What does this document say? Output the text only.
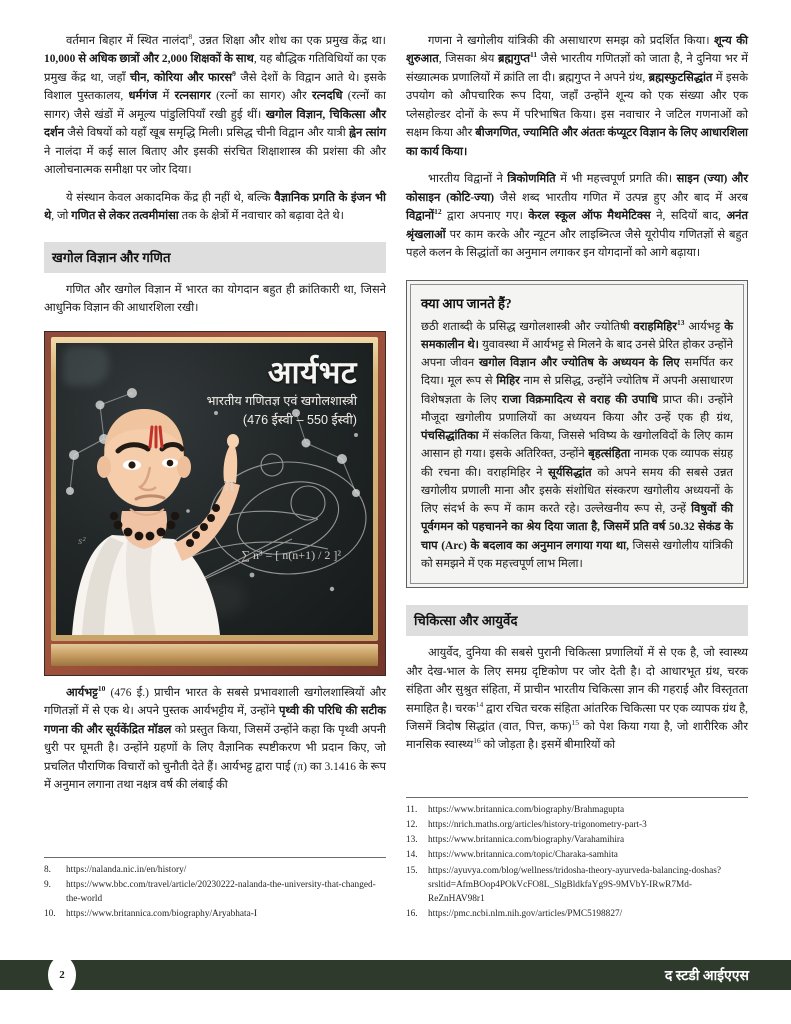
वर्तमान बिहार में स्थित नालंदा$^8$, उन्नत शिक्षा और शोध का एक प्रमुख केंद्र था। 10,000 से अधिक छात्रों और 2,000 शिक्षकों के साथ, यह बौद्धिक गतिविधियों का एक प्रमुख केंद्र था, जहाँ चीन, कोरिया और फारस$^9$ जैसे देशों के विद्वान आते थे। इसके विशाल पुस्तकालय, धर्मगंज में रत्नसागर (रत्नों का सागर) और रत्नदधि (रत्नों का सागर) जैसे खंडों में अमूल्य पांडुलिपियाँ रखी हुई थीं। खगोल विज्ञान, चिकित्सा और दर्शन जैसे विषयों को यहाँ खूब समृद्धि मिली। प्रसिद्ध चीनी विद्वान और यात्री ह्वेन त्सांग ने नालंदा में कई साल बिताए और इसकी संरचित शिक्षाशास्त्र की प्रशंसा की और आलोचनात्मक समीक्षा पर जोर दिया।

ये संस्थान केवल अकादमिक केंद्र ही नहीं थे, बल्कि वैज्ञानिक प्रगति के इंजन भी थे, जो गणित से लेकर तत्वमीमांसा तक के क्षेत्रों में नवाचार को बढ़ावा देते थे।

खगोल विज्ञान और गणित

गणित और खगोल विज्ञान में भारत का योगदान बहुत ही क्रांतिकारी था, जिसने आधुनिक विज्ञान की आधारशिला रखी।

π
s²
∑ n³ = [ n(n+1) / 2 ]²
आर्यभट
भारतीय गणितज्ञ एवं खगोलशास्त्री
(476 ईस्वी – 550 ईस्वी)

आर्यभट्ट$^{10}$ (476 ई.) प्राचीन भारत के सबसे प्रभावशाली खगोलशास्त्रियों और गणितज्ञों में से एक थे। अपने पुस्तक आर्यभट्टीय में, उन्होंने पृथ्वी की परिधि की सटीक गणना की और सूर्यकेंद्रित मॉडल को प्रस्तुत किया, जिसमें उन्होंने कहा कि पृथ्वी अपनी धुरी पर घूमती है। उन्होंने ग्रहणों के लिए वैज्ञानिक स्पष्टीकरण भी प्रदान किए, जो प्रचलित पौराणिक विचारों को चुनौती देते हैं। आर्यभट्ट द्वारा पाई (π) का 3.1416 के रूप में अनुमान लगाना तथा नक्षत्र वर्ष की लंबाई की

8.	https://nalanda.nic.in/en/history/
9.	https://www.bbc.com/travel/article/20230222-nalanda-the-university-that-changed-the-world
10.	https://www.britannica.com/biography/Aryabhata-I

गणना ने खगोलीय यांत्रिकी की असाधारण समझ को प्रदर्शित किया। शून्य की शुरुआत, जिसका श्रेय ब्रह्मगुप्त$^{11}$ जैसे भारतीय गणितज्ञों को जाता है, ने दुनिया भर में संख्यात्मक प्रणालियों में क्रांति ला दी। ब्रह्मगुप्त ने अपने ग्रंथ, ब्रह्मस्फुटसिद्धांत में इसके उपयोग को औपचारिक रूप दिया, जहाँ उन्होंने शून्य को एक संख्या और एक प्लेसहोल्डर दोनों के रूप में परिभाषित किया। इस नवाचार ने जटिल गणनाओं को सक्षम किया और बीजगणित, ज्यामिति और अंततः कंप्यूटर विज्ञान के लिए आधारशिला का कार्य किया।

भारतीय विद्वानों ने त्रिकोणमिति में भी महत्त्वपूर्ण प्रगति की। साइन (ज्या) और कोसाइन (कोटि-ज्या) जैसे शब्द भारतीय गणित में उत्पन्न हुए और बाद में अरब विद्वानों$^{12}$ द्वारा अपनाए गए। केरल स्कूल ऑफ मैथमेटिक्स ने, सदियों बाद, अनंत श्रृंखलाओं पर काम करके और न्यूटन और लाइब्नित्ज जैसे यूरोपीय गणितज्ञों से बहुत पहले कलन के सिद्धांतों का अनुमान लगाकर इन योगदानों को आगे बढ़ाया।

क्या आप जानते हैं?

छठी शताब्दी के प्रसिद्ध खगोलशास्त्री और ज्योतिषी वराहमिहिर$^{13}$ आर्यभट्ट के समकालीन थे। युवावस्था में आर्यभट्ट से मिलने के बाद उनसे प्रेरित होकर उन्होंने अपना जीवन खगोल विज्ञान और ज्योतिष के अध्ययन के लिए समर्पित कर दिया। मूल रूप से मिहिर नाम से प्रसिद्ध, उन्होंने ज्योतिष में अपनी असाधारण विशेषज्ञता के लिए राजा विक्रमादित्य से वराह की उपाधि प्राप्त की। उन्होंने मौजूदा खगोलीय प्रणालियों का अध्ययन किया और उन्हें एक ही ग्रंथ, पंचसिद्धांतिका में संकलित किया, जिससे भविष्य के खगोलविदों के लिए काम आसान हो गया। इसके अतिरिक्त, उन्होंने बृहत्संहिता नामक एक व्यापक संग्रह की रचना की। वराहमिहिर ने सूर्यसिद्धांत को अपने समय की सबसे उन्नत खगोलीय प्रणाली माना और इसके संशोधित संस्करण खगोलीय अध्ययनों के लिए संदर्भ के रूप में काम करते रहे। उल्लेखनीय रूप से, उन्हें विषुवों की पूर्वगमन को पहचानने का श्रेय दिया जाता है, जिसमें प्रति वर्ष 50.32 सेकंड के चाप (Arc) के बदलाव का अनुमान लगाया गया था, जिससे खगोलीय यांत्रिकी को समझने में एक महत्त्वपूर्ण लाभ मिला।

चिकित्सा और आयुर्वेद

आयुर्वेद, दुनिया की सबसे पुरानी चिकित्सा प्रणालियों में से एक है, जो स्वास्थ्य और देख-भाल के लिए समग्र दृष्टिकोण पर जोर देती है। दो आधारभूत ग्रंथ, चरक संहिता और सुश्रुत संहिता, में प्राचीन भारतीय चिकित्सा ज्ञान की गहराई और विस्तृतता समाहित है। चरक$^{14}$ द्वारा रचित चरक संहिता आंतरिक चिकित्सा पर एक व्यापक ग्रंथ है, जिसमें त्रिदोष सिद्धांत (वात, पित्त, कफ)$^{15}$ को पेश किया गया है, जो शारीरिक और मानसिक स्वास्थ्य$^{16}$ को जोड़ता है। इसमें बीमारियों को

11.	https://www.britannica.com/biography/Brahmagupta
12.	https://nrich.maths.org/articles/history-trigonometry-part-3
13.	https://www.britannica.com/biography/Varahamihira
14.	https://www.britannica.com/topic/Charaka-samhita
15.	https://ayuvya.com/blog/wellness/tridosha-theory-ayurveda-balancing-doshas?srsltid=AfmBOop4POkVcFO8L_SlgBldkfaYg9S-9MVbY-IRwR7Md-ReZnHAV98r1
16.	https://pmc.ncbi.nlm.nih.gov/articles/PMC5198827/
द स्टडी आईएएस
2
